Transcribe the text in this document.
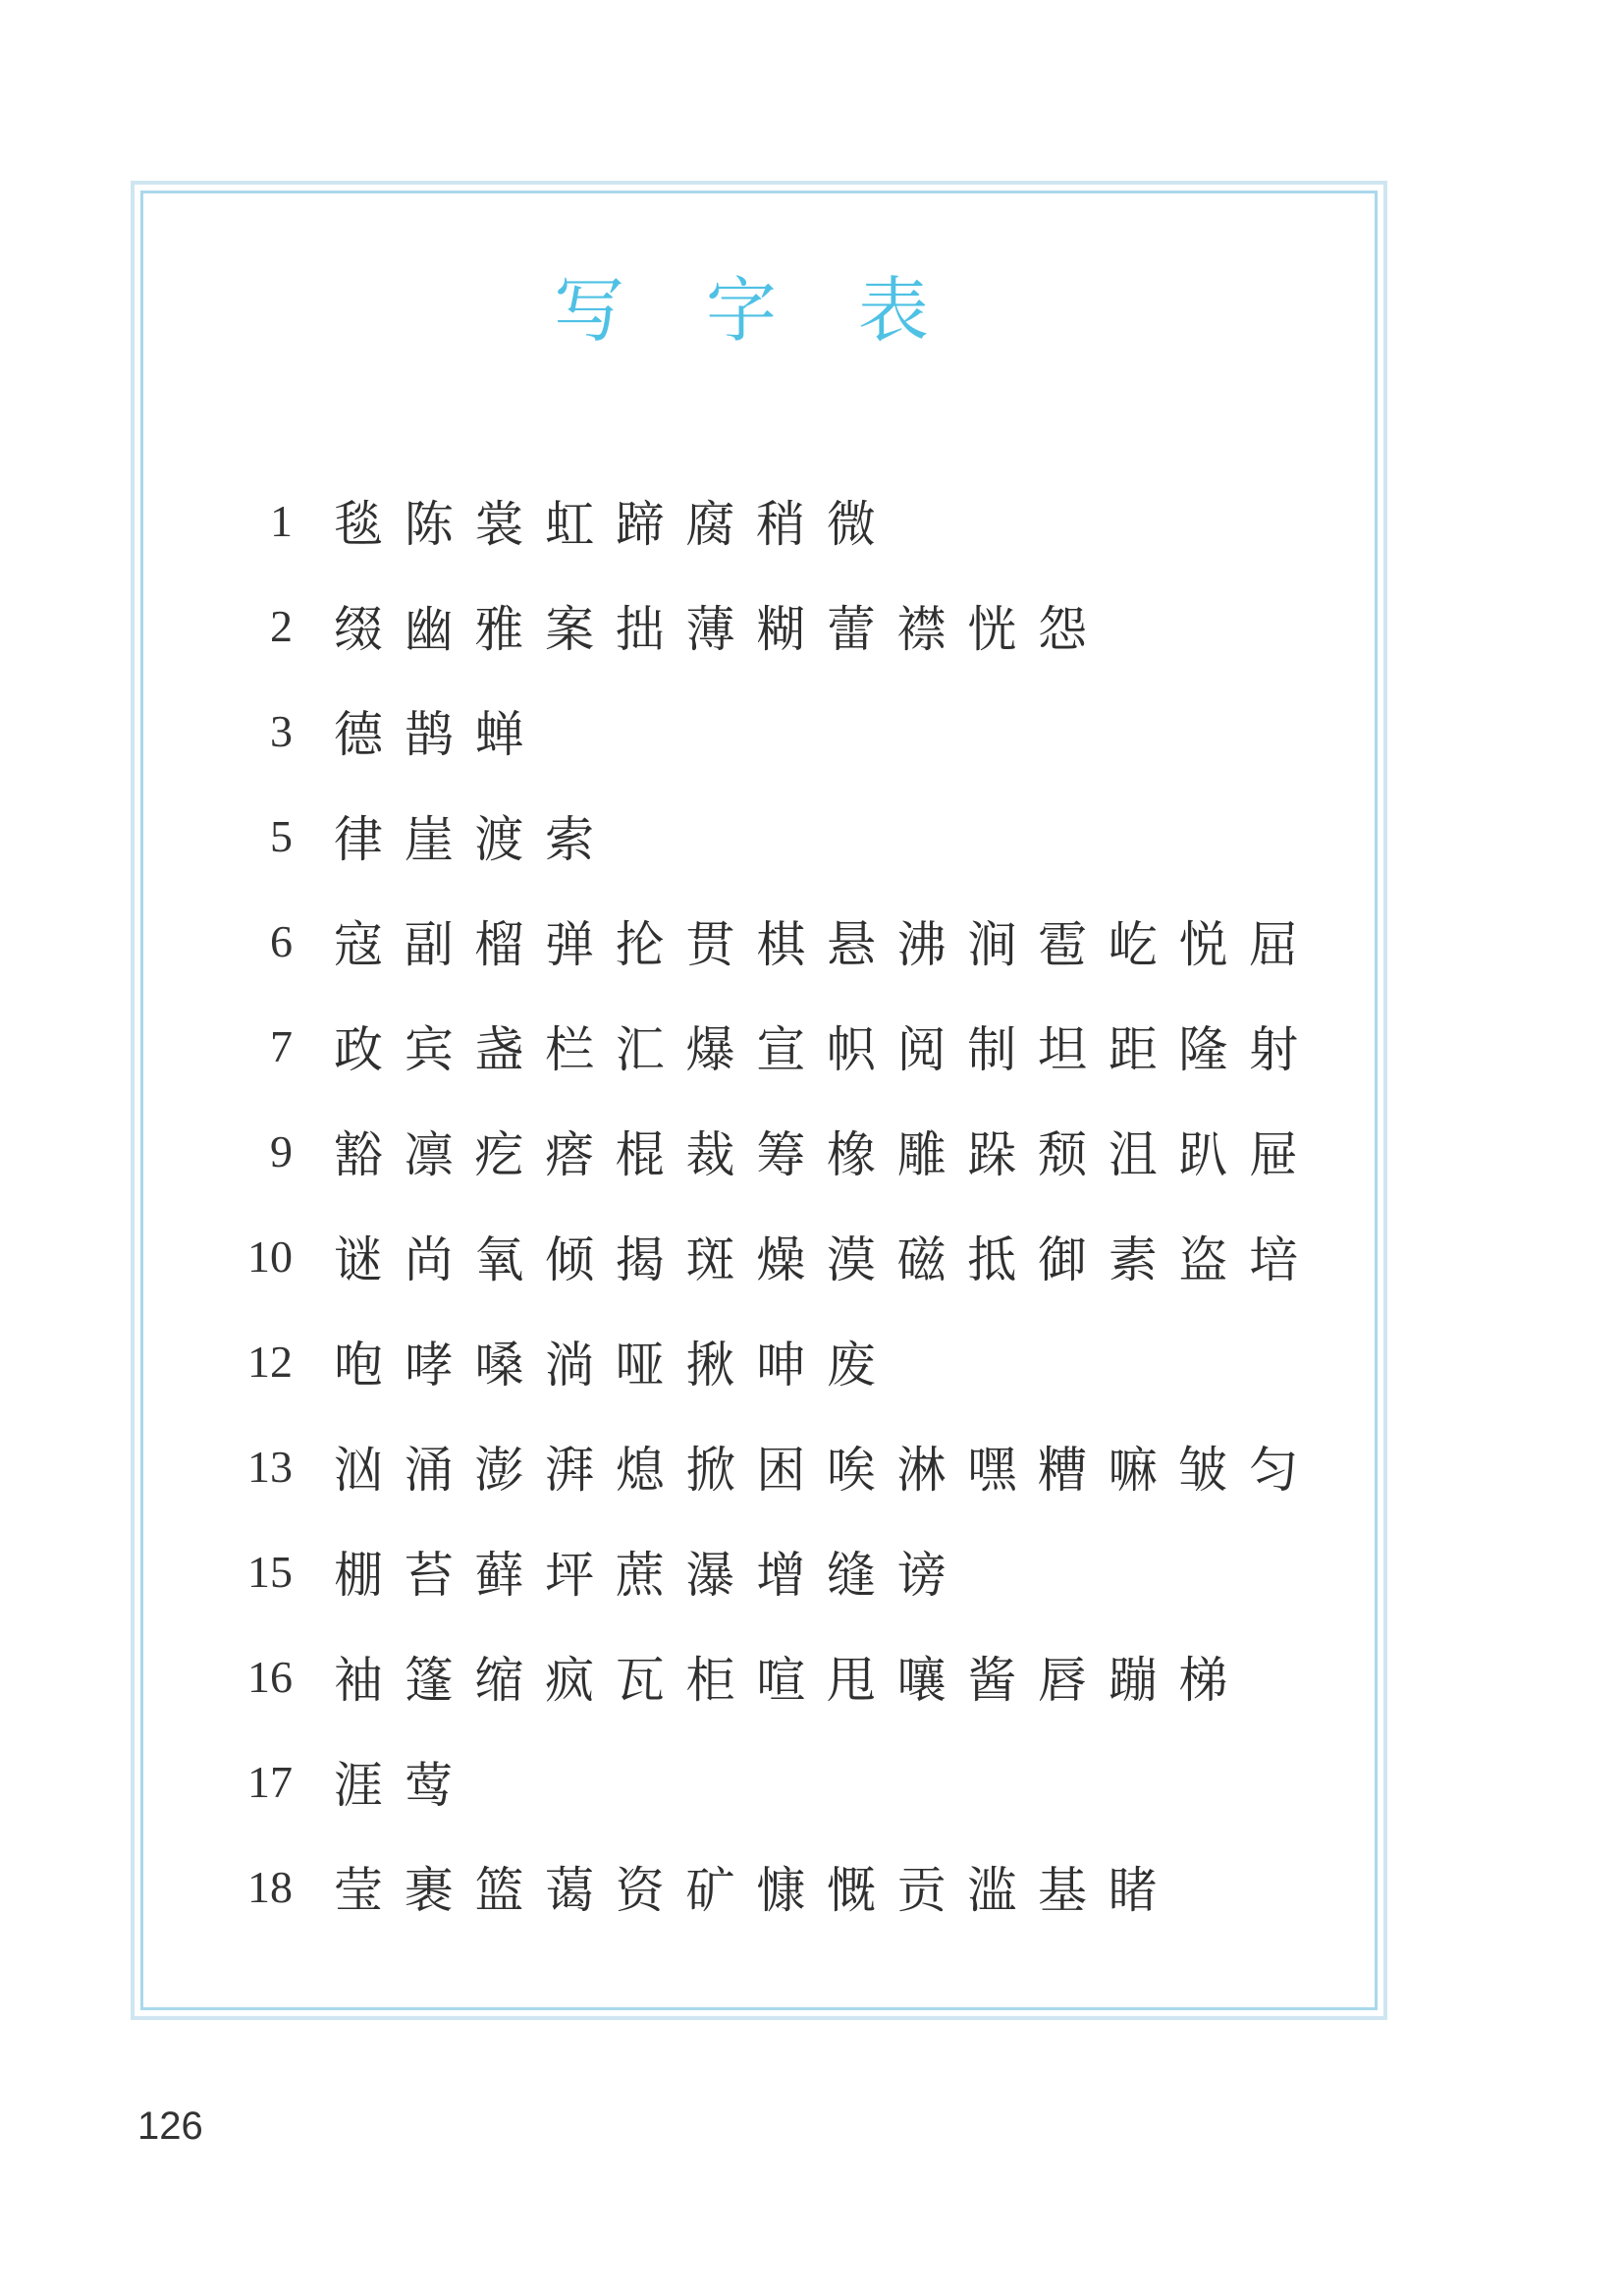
写 字 表
1 毯陈裳虹蹄腐稍微
2 缀幽雅案拙薄糊蕾襟恍怨
3 德鹊蝉
5 律崖渡索
6 寇副榴弹抡贯棋悬沸涧雹屹悦屈
7 政宾盏栏汇爆宣帜阅制坦距隆射
9 豁凛疙瘩棍裁筹橡雕跺颓沮趴屉
10 谜尚氧倾揭斑燥漠磁抵御素盗培
12 咆哮嗓淌哑揪呻废
13 汹涌澎湃熄掀困唉淋嘿糟嘛皱匀
15 棚苔藓坪蔗瀑增缝谤
16 袖篷缩疯瓦柜喧甩嚷酱唇蹦梯
17 涯莺
18 莹裹篮蔼资矿慷慨贡滥基睹
126
